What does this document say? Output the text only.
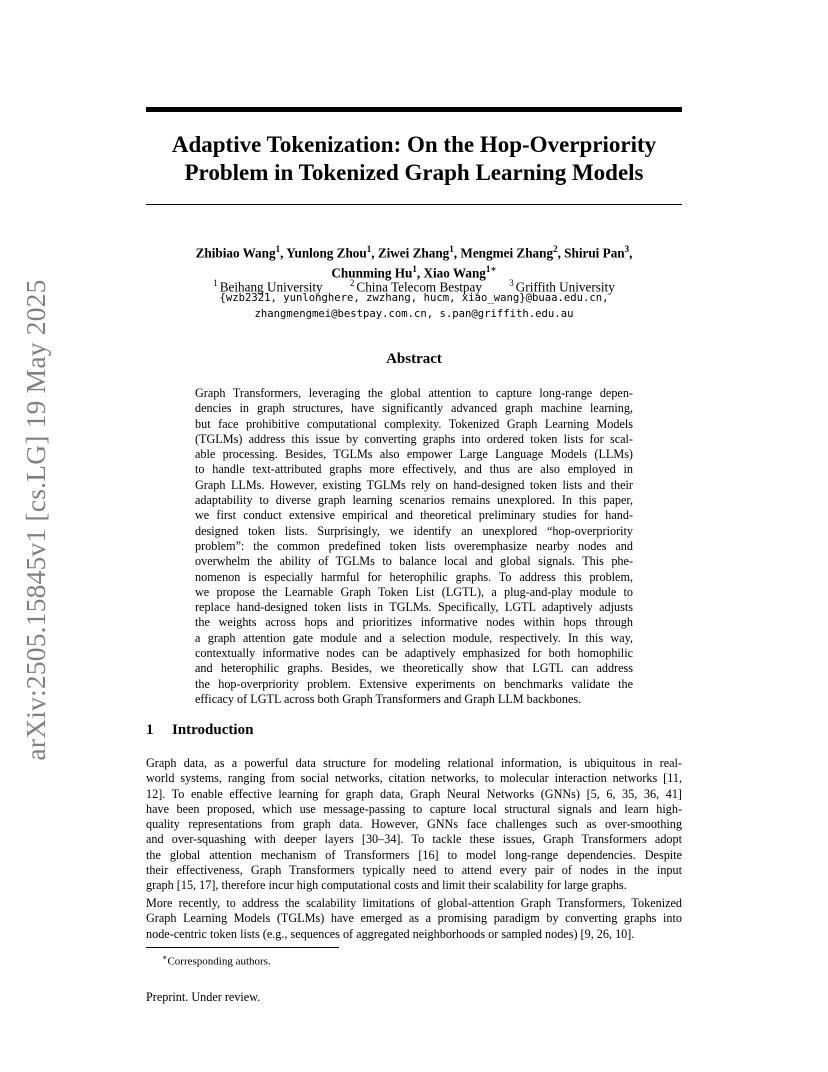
arXiv:2505.15845v1 [cs.LG] 19 May 2025
Adaptive Tokenization: On the Hop-Overpriority
Problem in Tokenized Graph Learning Models
Zhibiao Wang$^1$, Yunlong Zhou$^1$, Ziwei Zhang$^1$, Mengmei Zhang$^2$, Shirui Pan$^3$,
Chunming Hu$^1$, Xiao Wang$^{1∗}$
$^1$ Beihang University	$^2$ China Telecom Bestpay	$^3$ Griffith University
{wzb2321, yunlonghere, zwzhang, hucm, xiao_wang}@buaa.edu.cn,
zhangmengmei@bestpay.com.cn, s.pan@griffith.edu.au
Abstract
Graph Transformers, leveraging the global attention to capture long-range depen-
dencies in graph structures, have significantly advanced graph machine learning,
but face prohibitive computational complexity. Tokenized Graph Learning Models
(TGLMs) address this issue by converting graphs into ordered token lists for scal-
able processing. Besides, TGLMs also empower Large Language Models (LLMs)
to handle text-attributed graphs more effectively, and thus are also employed in
Graph LLMs. However, existing TGLMs rely on hand-designed token lists and their
adaptability to diverse graph learning scenarios remains unexplored. In this paper,
we first conduct extensive empirical and theoretical preliminary studies for hand-
designed token lists. Surprisingly, we identify an unexplored “hop-overpriority
problem”: the common predefined token lists overemphasize nearby nodes and
overwhelm the ability of TGLMs to balance local and global signals. This phe-
nomenon is especially harmful for heterophilic graphs. To address this problem,
we propose the Learnable Graph Token List (LGTL), a plug-and-play module to
replace hand-designed token lists in TGLMs. Specifically, LGTL adaptively adjusts
the weights across hops and prioritizes informative nodes within hops through
a graph attention gate module and a selection module, respectively. In this way,
contextually informative nodes can be adaptively emphasized for both homophilic
and heterophilic graphs. Besides, we theoretically show that LGTL can address
the hop-overpriority problem. Extensive experiments on benchmarks validate the
efficacy of LGTL across both Graph Transformers and Graph LLM backbones.
1 Introduction
Graph data, as a powerful data structure for modeling relational information, is ubiquitous in real-
world systems, ranging from social networks, citation networks, to molecular interaction networks [11,
12]. To enable effective learning for graph data, Graph Neural Networks (GNNs) [5, 6, 35, 36, 41]
have been proposed, which use message-passing to capture local structural signals and learn high-
quality representations from graph data. However, GNNs face challenges such as over-smoothing
and over-squashing with deeper layers [30–34]. To tackle these issues, Graph Transformers adopt
the global attention mechanism of Transformers [16] to model long-range dependencies. Despite
their effectiveness, Graph Transformers typically need to attend every pair of nodes in the input
graph [15, 17], therefore incur high computational costs and limit their scalability for large graphs.
More recently, to address the scalability limitations of global-attention Graph Transformers, Tokenized
Graph Learning Models (TGLMs) have emerged as a promising paradigm by converting graphs into
node-centric token lists (e.g., sequences of aggregated neighborhoods or sampled nodes) [9, 26, 10].
∗Corresponding authors.
Preprint. Under review.
